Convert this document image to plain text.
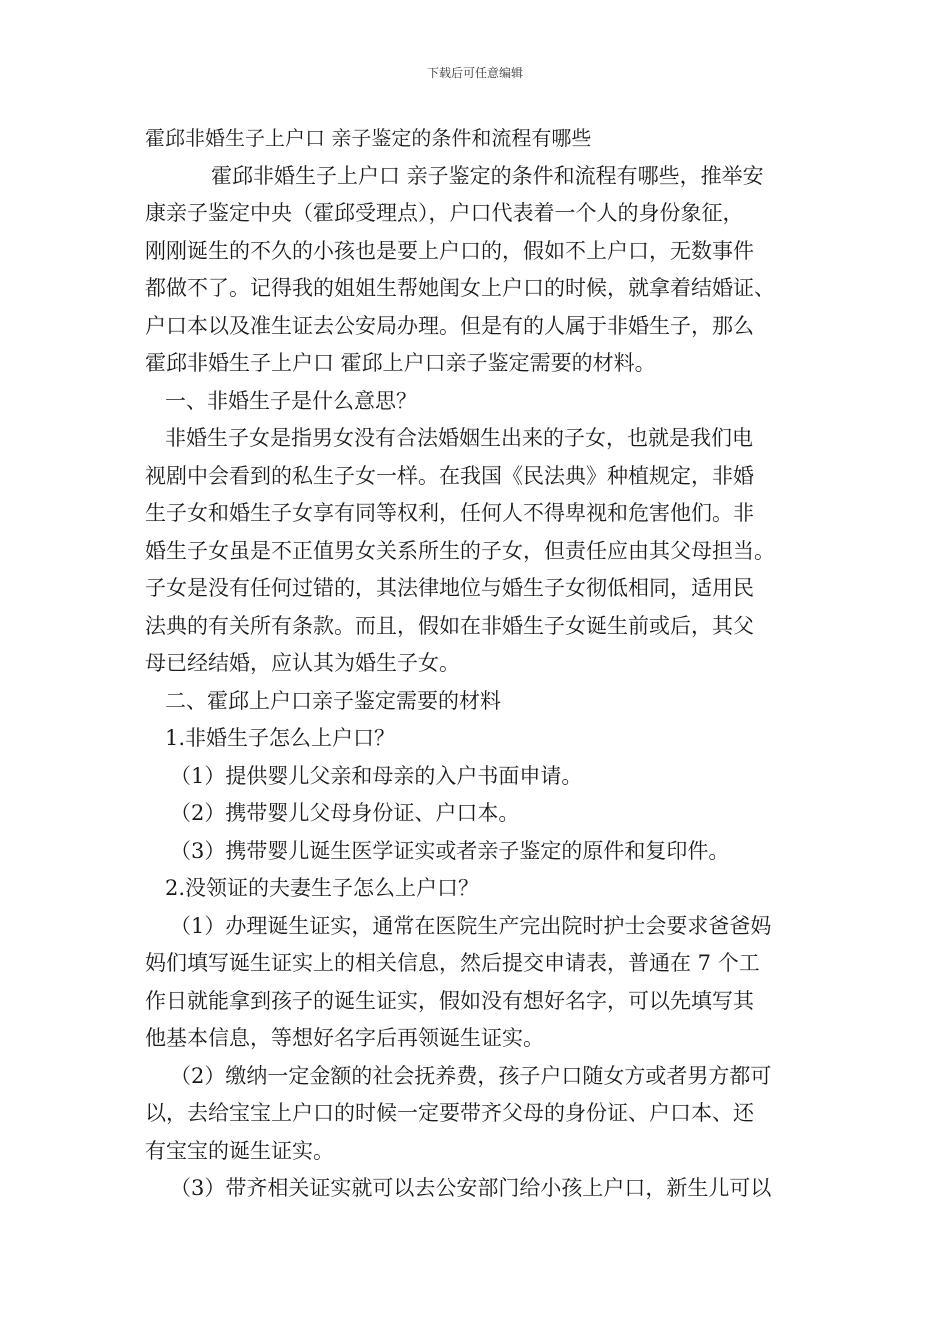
下载后可任意编辑
霍邱非婚生子上户口 亲子鉴定的条件和流程有哪些
霍邱非婚生子上户口 亲子鉴定的条件和流程有哪些，推举安
康亲子鉴定中央（霍邱受理点），户口代表着一个人的身份象征，
刚刚诞生的不久的小孩也是要上户口的，假如不上户口，无数事件
都做不了。记得我的姐姐生帮她闺女上户口的时候，就拿着结婚证、
户口本以及准生证去公安局办理。但是有的人属于非婚生子，那么
霍邱非婚生子上户口 霍邱上户口亲子鉴定需要的材料。
一、非婚生子是什么意思？
非婚生子女是指男女没有合法婚姻生出来的子女，也就是我们电
视剧中会看到的私生子女一样。在我国《民法典》种植规定，非婚
生子女和婚生子女享有同等权利，任何人不得卑视和危害他们。非
婚生子女虽是不正值男女关系所生的子女，但责任应由其父母担当。
子女是没有任何过错的，其法律地位与婚生子女彻低相同，适用民
法典的有关所有条款。而且，假如在非婚生子女诞生前或后，其父
母已经结婚，应认其为婚生子女。
二、霍邱上户口亲子鉴定需要的材料
1.非婚生子怎么上户口？
（1）提供婴儿父亲和母亲的入户书面申请。
（2）携带婴儿父母身份证、户口本。
（3）携带婴儿诞生医学证实或者亲子鉴定的原件和复印件。
2.没领证的夫妻生子怎么上户口？
（1）办理诞生证实，通常在医院生产完出院时护士会要求爸爸妈
妈们填写诞生证实上的相关信息，然后提交申请表，普通在 7 个工
作日就能拿到孩子的诞生证实，假如没有想好名字，可以先填写其
他基本信息，等想好名字后再领诞生证实。
（2）缴纳一定金额的社会抚养费，孩子户口随女方或者男方都可
以，去给宝宝上户口的时候一定要带齐父母的身份证、户口本、还
有宝宝的诞生证实。
（3）带齐相关证实就可以去公安部门给小孩上户口，新生儿可以
